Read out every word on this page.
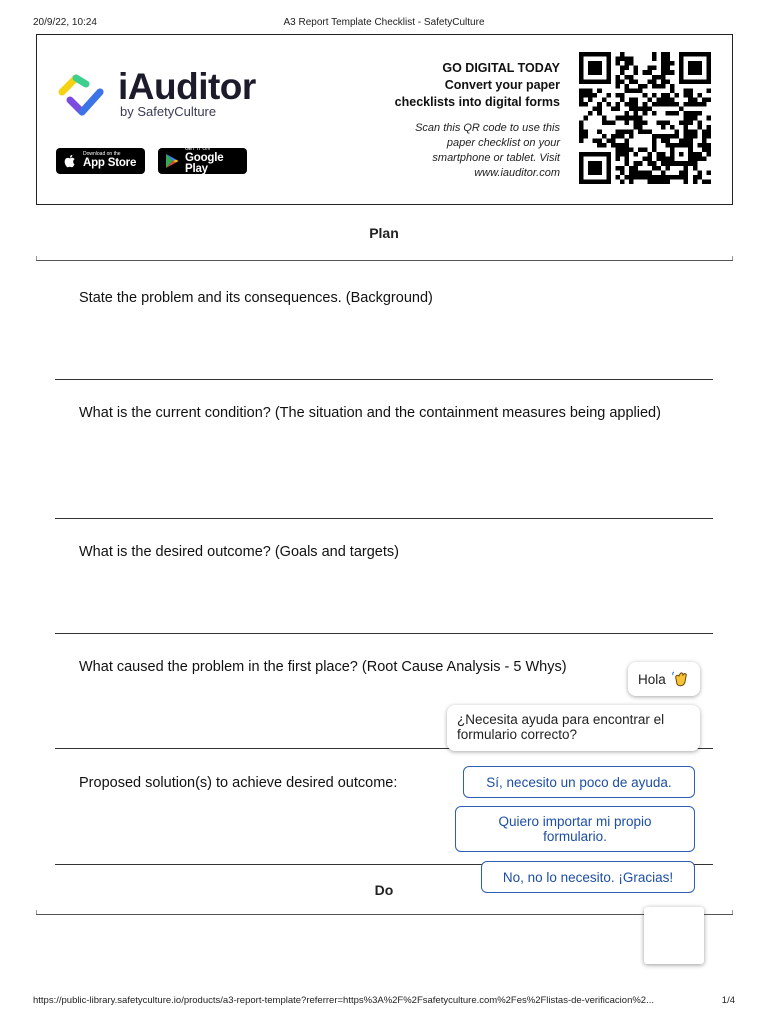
20/9/22, 10:24	A3 Report Template Checklist - SafetyCulture
iAuditor
by SafetyCulture
Download on the
App Store
GET IT ON
Google Play
GO DIGITAL TODAY
Convert your paper
checklists into digital forms
Scan this QR code to use this paper checklist on your smartphone or tablet. Visit www.iauditor.com
Plan
State the problem and its consequences. (Background)
What is the current condition? (The situation and the containment measures being applied)
What is the desired outcome? (Goals and targets)
What caused the problem in the first place? (Root Cause Analysis - 5 Whys)
Proposed solution(s) to achieve desired outcome:
Do
Hola
¿Necesita ayuda para encontrar el formulario correcto?
Sí, necesito un poco de ayuda.
Quiero importar mi propio formulario.
No, no lo necesito. ¡Gracias!
https://public-library.safetyculture.io/products/a3-report-template?referrer=https%3A%2F%2Fsafetyculture.com%2Fes%2Flistas-de-verificacion%2...	1/4
